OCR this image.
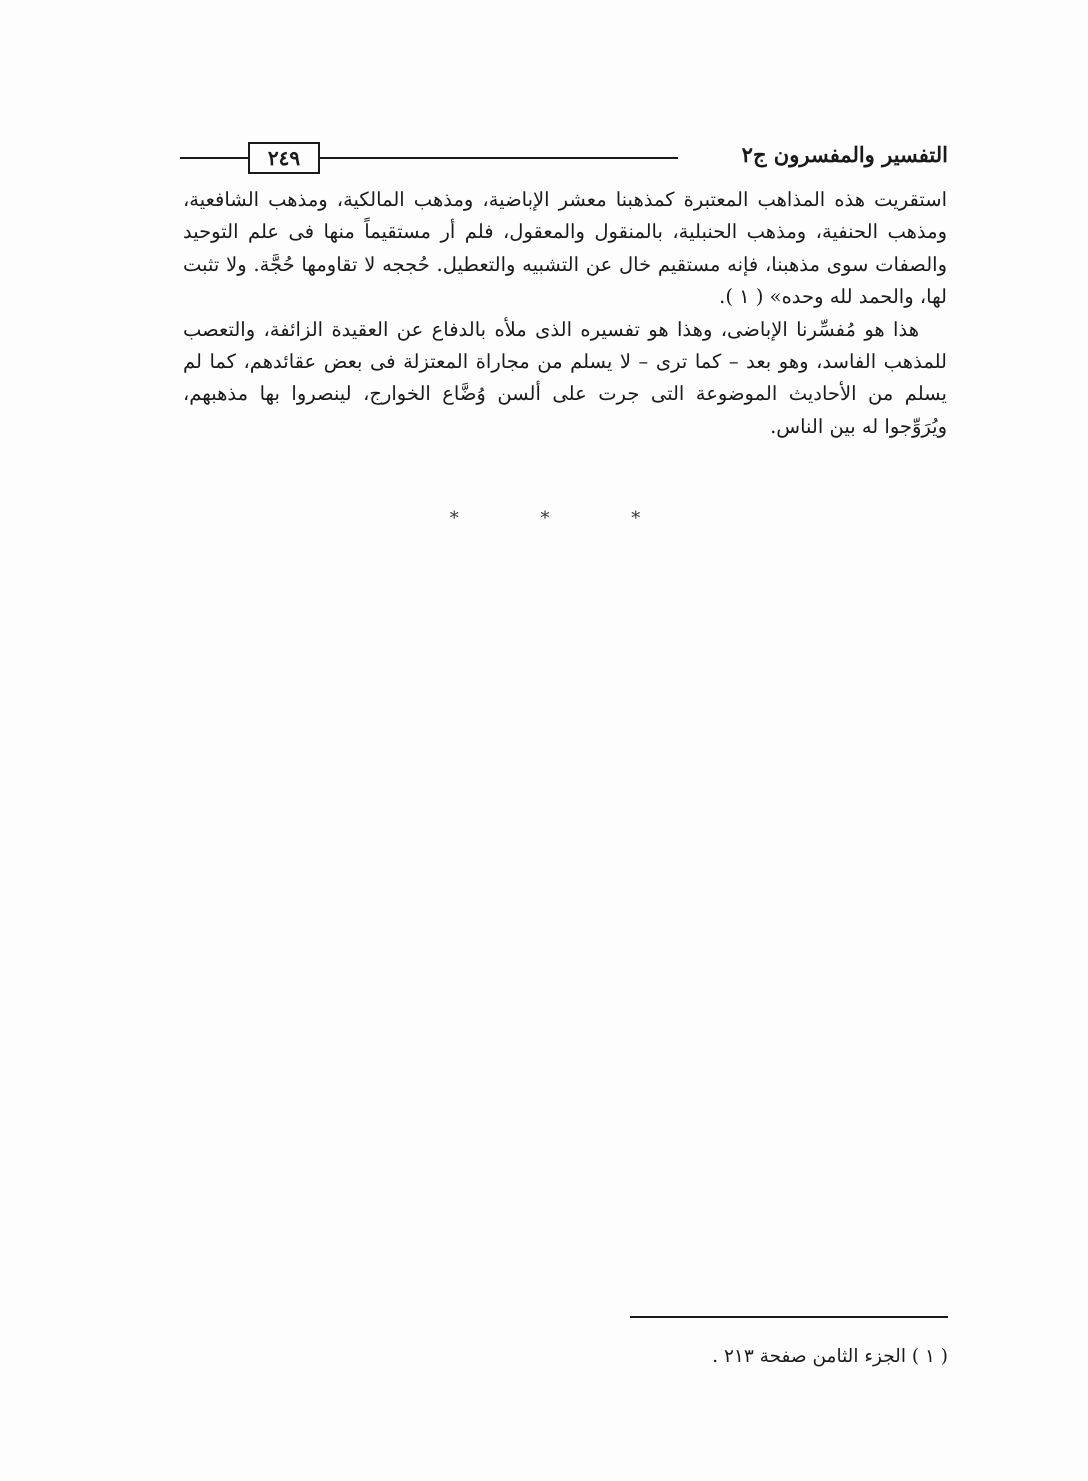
٢٤٩	التفسير والمفسرون ج٢

استقريت هذه المذاهب المعتبرة كمذهبنا معشر الإباضية، ومذهب المالكية، ومذهب الشافعية، ومذهب الحنفية، ومذهب الحنبلية، بالمنقول والمعقول، فلم أر مستقيماً منها فى علم التوحيد والصفات سوى مذهبنا، فإنه مستقيم خال عن التشبيه والتعطيل. حُججه لا تقاومها حُجَّة. ولا تثبت لها، والحمد لله وحده» ( ١ ).

هذا هو مُفسِّرنا الإباضى، وهذا هو تفسيره الذى ملأه بالدفاع عن العقيدة الزائفة، والتعصب للمذهب الفاسد، وهو بعد – كما ترى – لا يسلم من مجاراة المعتزلة فى بعض عقائدهم، كما لم يسلم من الأحاديث الموضوعة التى جرت على ألسن وُضَّاع الخوارج، لينصروا بها مذهبهم، ويُرَوِّجوا له بين الناس.

* * *
( ١ ) الجزء الثامن صفحة ٢١٣ .
